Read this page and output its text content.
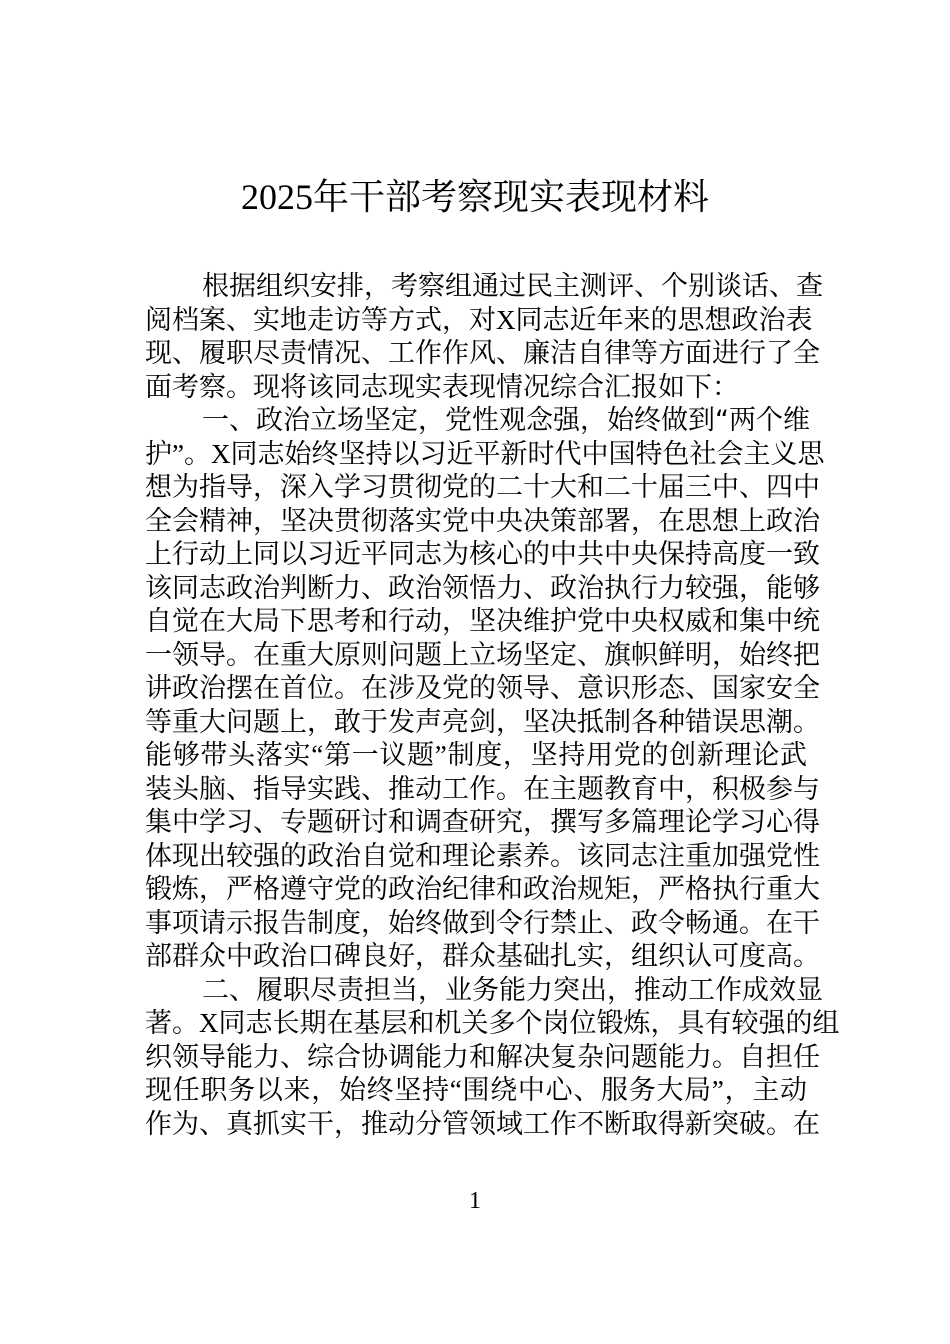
2025年干部考察现实表现材料
根据组织安排，考察组通过民主测评、个别谈话、查
阅档案、实地走访等方式，对X同志近年来的思想政治表
现、履职尽责情况、工作作风、廉洁自律等方面进行了全
面考察。现将该同志现实表现情况综合汇报如下：
一、政治立场坚定，党性观念强，始终做到“两个维
护”。X同志始终坚持以习近平新时代中国特色社会主义思
想为指导，深入学习贯彻党的二十大和二十届三中、四中
全会精神，坚决贯彻落实党中央决策部署，在思想上政治
上行动上同以习近平同志为核心的中共中央保持高度一致
该同志政治判断力、政治领悟力、政治执行力较强，能够
自觉在大局下思考和行动，坚决维护党中央权威和集中统
一领导。在重大原则问题上立场坚定、旗帜鲜明，始终把
讲政治摆在首位。在涉及党的领导、意识形态、国家安全
等重大问题上，敢于发声亮剑，坚决抵制各种错误思潮。
能够带头落实“第一议题”制度，坚持用党的创新理论武
装头脑、指导实践、推动工作。在主题教育中，积极参与
集中学习、专题研讨和调查研究，撰写多篇理论学习心得
体现出较强的政治自觉和理论素养。该同志注重加强党性
锻炼，严格遵守党的政治纪律和政治规矩，严格执行重大
事项请示报告制度，始终做到令行禁止、政令畅通。在干
部群众中政治口碑良好，群众基础扎实，组织认可度高。
二、履职尽责担当，业务能力突出，推动工作成效显
著。X同志长期在基层和机关多个岗位锻炼，具有较强的组
织领导能力、综合协调能力和解决复杂问题能力。自担任
现任职务以来，始终坚持“围绕中心、服务大局”，主动
作为、真抓实干，推动分管领域工作不断取得新突破。在
1
